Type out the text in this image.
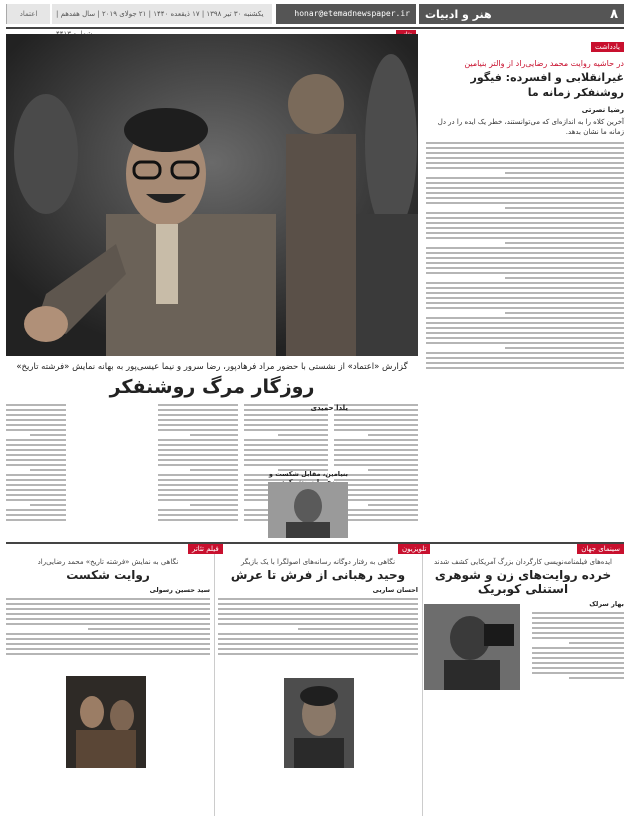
۸
هنر و ادبیات
honar@etemadnewspaper.ir
یکشنبه ۳۰ تیر ۱۳۹۸ | ۱۷ ذیقعده ۱۴۴۰ | ۲۱ جولای ۲۰۱۹ | سال هفدهم |
اعتماد
یادداشت
در حاشیه روایت محمد رضایی‌راد از والتر بنیامین
غیرانقلابی و افسرده: فیگور روشنفکر زمانه ما
رضیا نصرتی
آخرین کلاه را به اندازه‌ای که می‌توانستند، خطر یک ایده را در دل زمانه ما نشان بدهد.
گزارش «اعتماد» از نشستی با حضور مراد فرهادپور، رضا سرور و نیما عیسی‌پور به بهانه نمایش «فرشته تاریخ»
روزگار مرگ روشنفکر
یلدا حمیدی
بنیامین، مقابل شکست و
سینمای جهان
ایده‌های فیلمنامه‌نویسی کارگردان بزرگ آمریکایی کشف شدند
خرده روایت‌های زن و شوهری استنلی کوبریک
بهار سرلک
تلویزیون
نگاهی به رفتار دوگانه رسانه‌های اصولگرا با یک بازیگر
وحید رهبانی از فرش تا عرش
احسان ساربی
فیلم تئاتر
نگاهی به نمایش «فرشته تاریخ» محمد رضایی‌راد
روایت شکست
سید حسین رسولی
